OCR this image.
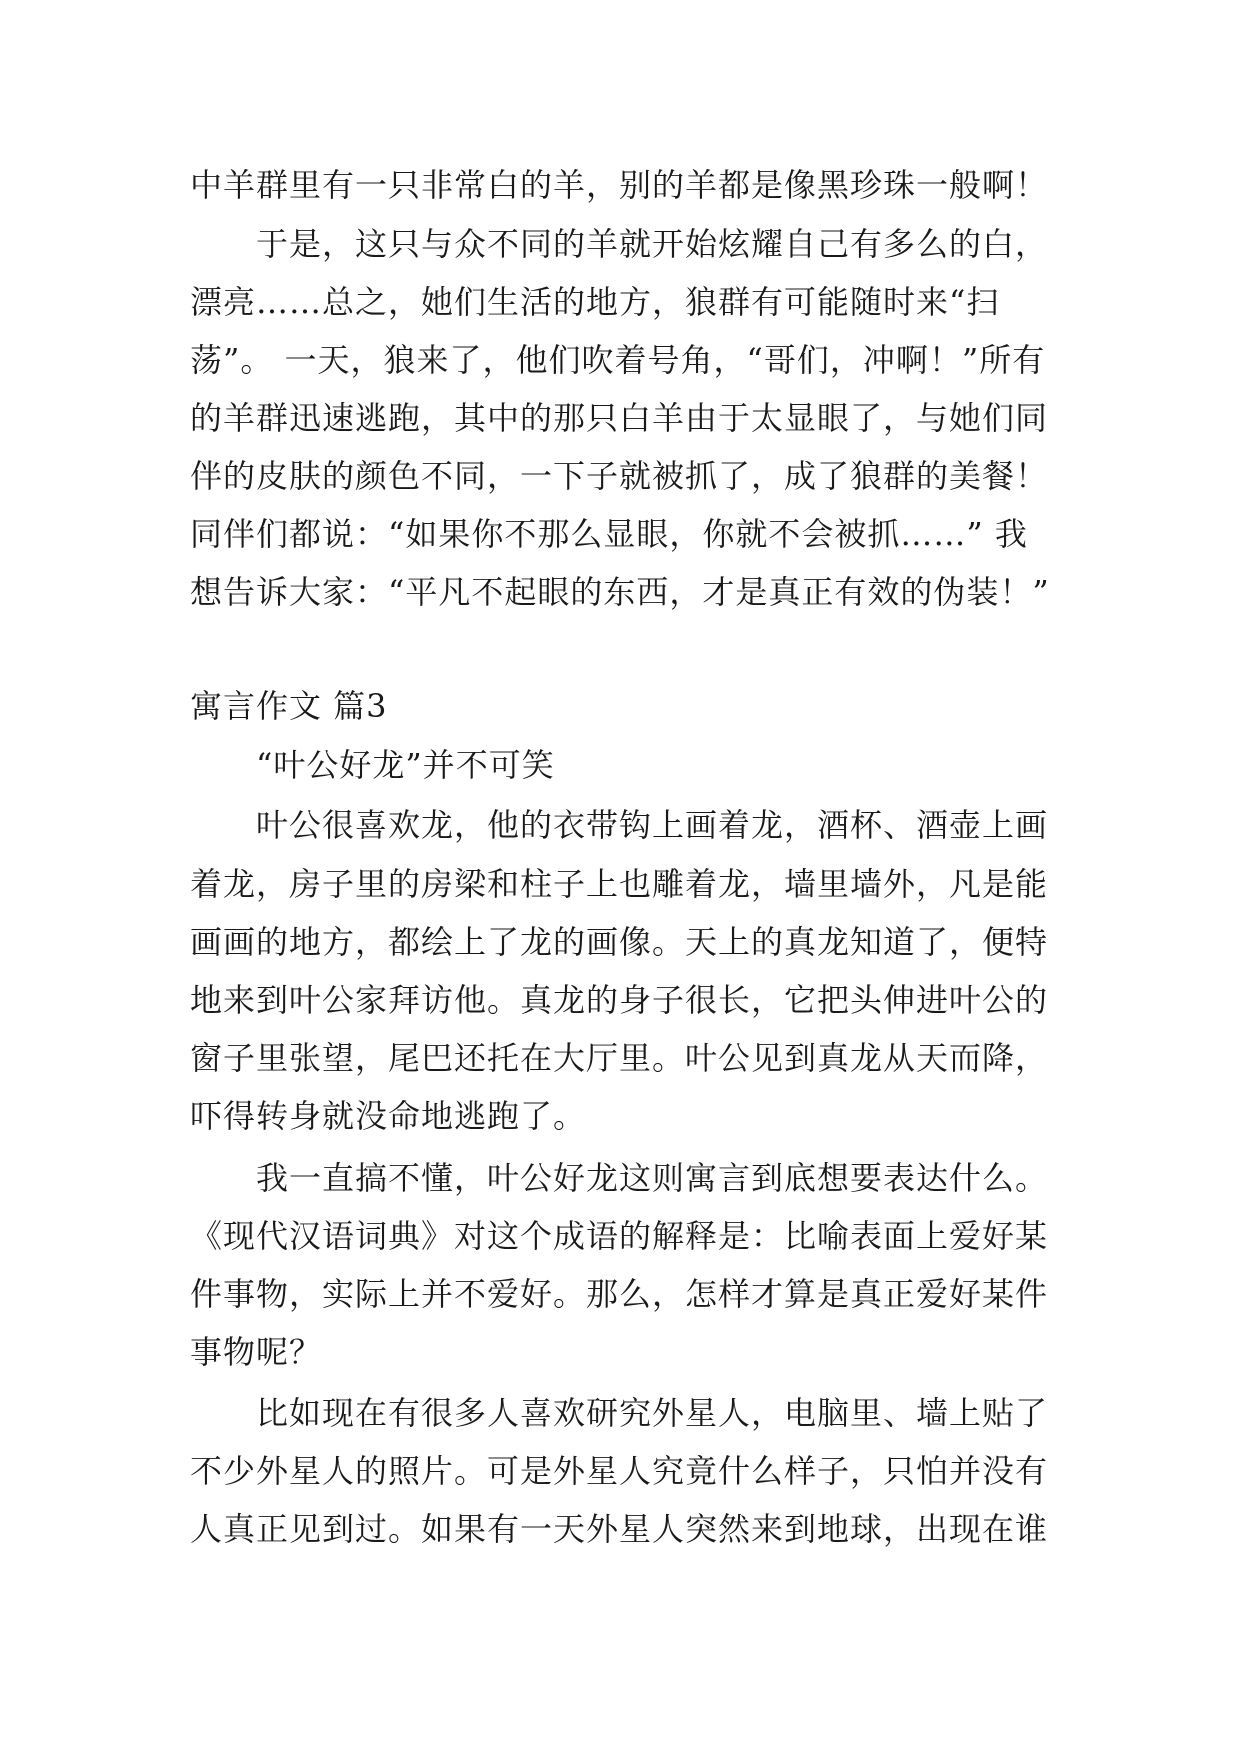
中羊群里有一只非常白的羊，别的羊都是像黑珍珠一般啊！
　　于是，这只与众不同的羊就开始炫耀自己有多么的白，
漂亮……总之，她们生活的地方，狼群有可能随时来“扫
荡”。 一天，狼来了，他们吹着号角，“哥们，冲啊！”所有
的羊群迅速逃跑，其中的那只白羊由于太显眼了，与她们同
伴的皮肤的颜色不同，一下子就被抓了，成了狼群的美餐！
同伴们都说：“如果你不那么显眼，你就不会被抓……” 我
想告诉大家：“平凡不起眼的东西，才是真正有效的伪装！”
寓言作文 篇3
　　“叶公好龙”并不可笑
　　叶公很喜欢龙，他的衣带钩上画着龙，酒杯、酒壶上画
着龙，房子里的房梁和柱子上也雕着龙，墙里墙外，凡是能
画画的地方，都绘上了龙的画像。天上的真龙知道了，便特
地来到叶公家拜访他。真龙的身子很长，它把头伸进叶公的
窗子里张望，尾巴还托在大厅里。叶公见到真龙从天而降，
吓得转身就没命地逃跑了。
　　我一直搞不懂，叶公好龙这则寓言到底想要表达什么。
《现代汉语词典》对这个成语的解释是：比喻表面上爱好某
件事物，实际上并不爱好。那么，怎样才算是真正爱好某件
事物呢？
　　比如现在有很多人喜欢研究外星人，电脑里、墙上贴了
不少外星人的照片。可是外星人究竟什么样子，只怕并没有
人真正见到过。如果有一天外星人突然来到地球，出现在谁
